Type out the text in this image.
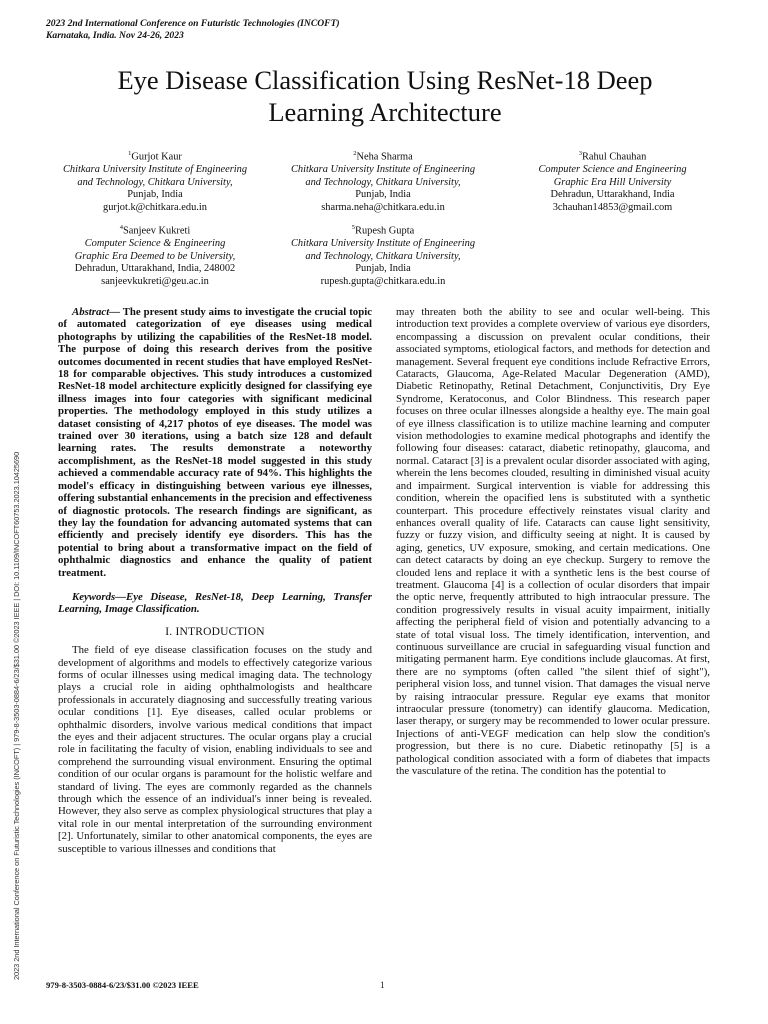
2023 2nd International Conference on Futuristic Technologies (INCOFT)
Karnataka, India. Nov 24-26, 2023
Eye Disease Classification Using ResNet-18 Deep
Learning Architecture
$^1$Gurjot Kaur
Chitkara University Institute of Engineering
and Technology, Chitkara University,
Punjab, India
gurjot.k@chitkara.edu.in
$^2$Neha Sharma
Chitkara University Institute of Engineering
and Technology, Chitkara University,
Punjab, India
sharma.neha@chitkara.edu.in
$^3$Rahul Chauhan
Computer Science and Engineering
Graphic Era Hill University
Dehradun, Uttarakhand, India
3chauhan14853@gmail.com
$^4$Sanjeev Kukreti
Computer Science & Engineering
Graphic Era Deemed to be University,
Dehradun, Uttarakhand, India, 248002
sanjeevkukreti@geu.ac.in
$^5$Rupesh Gupta
Chitkara University Institute of Engineering
and Technology, Chitkara University,
Punjab, India
rupesh.gupta@chitkara.edu.in
2023 2nd International Conference on Futuristic Technologies (INCOFT) | 979-8-3503-0884-6/23/$31.00 ©2023 IEEE | DOI: 10.1109/INCOFT60753.2023.10425690

Abstract— The present study aims to investigate the crucial topic of automated categorization of eye diseases using medical photographs by utilizing the capabilities of the ResNet-18 model. The purpose of doing this research derives from the positive outcomes documented in recent studies that have employed ResNet-18 for comparable objectives. This study introduces a customized ResNet-18 model architecture explicitly designed for classifying eye illness images into four categories with significant medicinal properties. The methodology employed in this study utilizes a dataset consisting of 4,217 photos of eye diseases. The model was trained over 30 iterations, using a batch size 128 and default learning rates. The results demonstrate a noteworthy accomplishment, as the ResNet-18 model suggested in this study achieved a commendable accuracy rate of 94%. This highlights the model's efficacy in distinguishing between various eye illnesses, offering substantial enhancements in the precision and effectiveness of diagnostic protocols. The research findings are significant, as they lay the foundation for advancing automated systems that can efficiently and precisely identify eye disorders. This has the potential to bring about a transformative impact on the field of ophthalmic diagnostics and enhance the quality of patient treatment.

Keywords—Eye Disease, ResNet-18, Deep Learning, Transfer Learning, Image Classification.

I. INTRODUCTION

The field of eye disease classification focuses on the study and development of algorithms and models to effectively categorize various forms of ocular illnesses using medical imaging data. The technology plays a crucial role in aiding ophthalmologists and healthcare professionals in accurately diagnosing and successfully treating various ocular conditions [1]. Eye diseases, called ocular problems or ophthalmic disorders, involve various medical conditions that impact the eyes and their adjacent structures. The ocular organs play a crucial role in facilitating the faculty of vision, enabling individuals to see and comprehend the surrounding visual environment. Ensuring the optimal condition of our ocular organs is paramount for the holistic welfare and standard of living. The eyes are commonly regarded as the channels through which the essence of an individual's inner being is revealed. However, they also serve as complex physiological structures that play a vital role in our mental interpretation of the surrounding environment [2]. Unfortunately, similar to other anatomical components, the eyes are susceptible to various illnesses and conditions that

may threaten both the ability to see and ocular well-being. This introduction text provides a complete overview of various eye disorders, encompassing a discussion on prevalent ocular conditions, their associated symptoms, etiological factors, and methods for detection and management. Several frequent eye conditions include Refractive Errors, Cataracts, Glaucoma, Age-Related Macular Degeneration (AMD), Diabetic Retinopathy, Retinal Detachment, Conjunctivitis, Dry Eye Syndrome, Keratoconus, and Color Blindness. This research paper focuses on three ocular illnesses alongside a healthy eye. The main goal of eye illness classification is to utilize machine learning and computer vision methodologies to examine medical photographs and identify the following four diseases: cataract, diabetic retinopathy, glaucoma, and normal. Cataract [3] is a prevalent ocular disorder associated with aging, wherein the lens becomes clouded, resulting in diminished visual acuity and impairment. Surgical intervention is viable for addressing this condition, wherein the opacified lens is substituted with a synthetic counterpart. This procedure effectively reinstates visual clarity and enhances overall quality of life. Cataracts can cause light sensitivity, fuzzy or fuzzy vision, and difficulty seeing at night. It is caused by aging, genetics, UV exposure, smoking, and certain medications. One can detect cataracts by doing an eye checkup. Surgery to remove the clouded lens and replace it with a synthetic lens is the best course of treatment. Glaucoma [4] is a collection of ocular disorders that impair the optic nerve, frequently attributed to high intraocular pressure. The condition progressively results in visual acuity impairment, initially affecting the peripheral field of vision and potentially advancing to a state of total visual loss. The timely identification, intervention, and continuous surveillance are crucial in safeguarding visual function and mitigating permanent harm. Eye conditions include glaucomas. At first, there are no symptoms (often called "the silent thief of sight"), peripheral vision loss, and tunnel vision. That damages the visual nerve by raising intraocular pressure. Regular eye exams that monitor intraocular pressure (tonometry) can identify glaucoma. Medication, laser therapy, or surgery may be recommended to lower ocular pressure. Injections of anti-VEGF medication can help slow the condition's progression, but there is no cure. Diabetic retinopathy [5] is a pathological condition associated with a form of diabetes that impacts the vasculature of the retina. The condition has the potential to

979-8-3503-0884-6/23/$31.00 ©2023 IEEE	1
